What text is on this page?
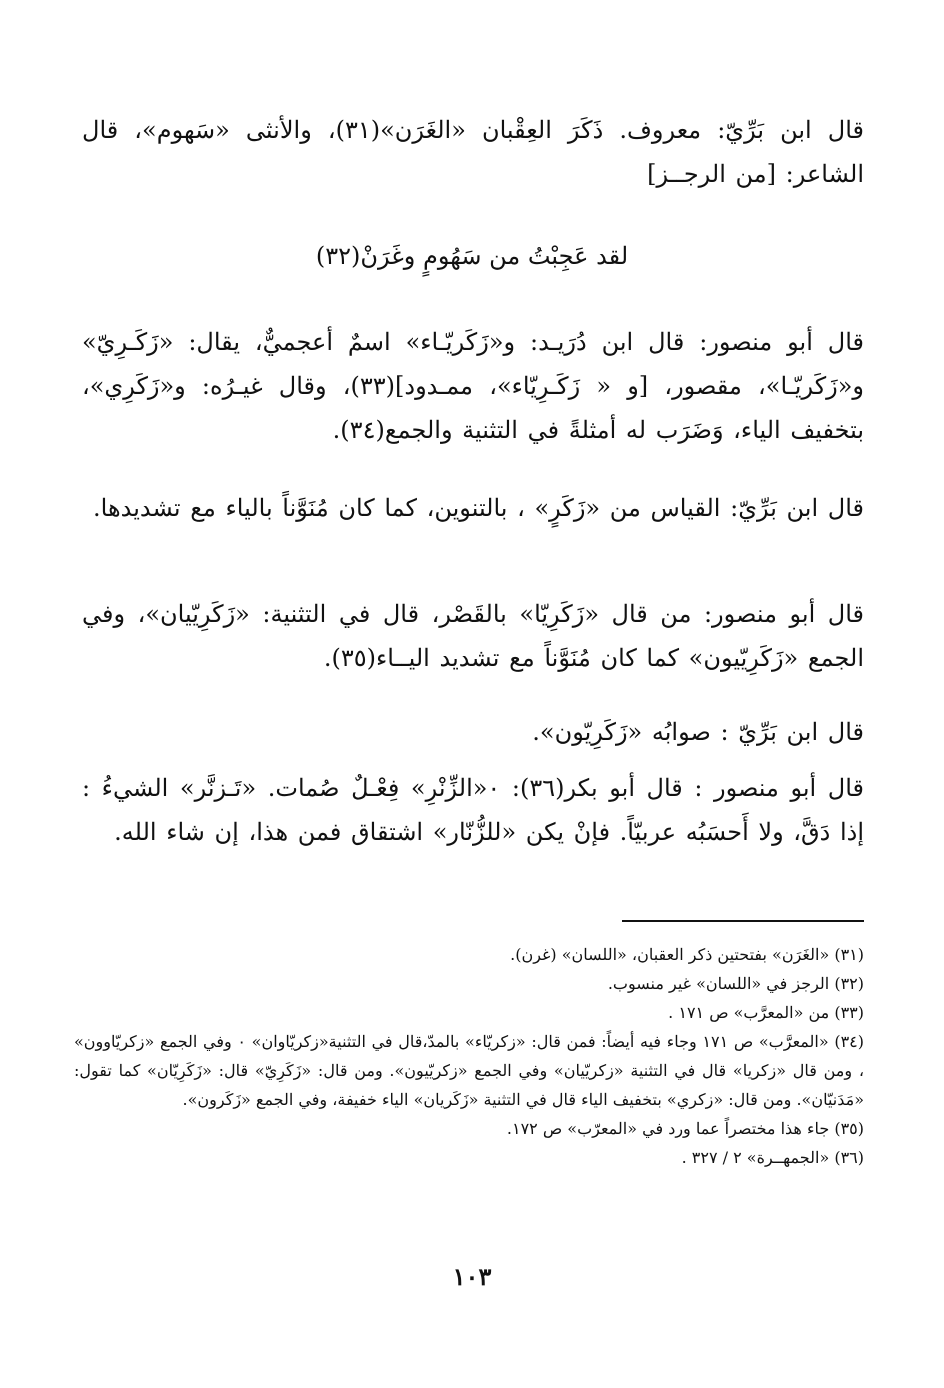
قال ابن بَرِّيّ: معروف. ذَكَرَ العِقْبان «الغَرَن»(٣١)، والأنثى «سَهوم»، قال الشاعر: [من الرجــز]
لقد عَجِبْتُ من سَهُومٍ وغَرَنْ(٣٢)
قال أبو منصور: قال ابن دُرَيـد: و«زَكَريّـاء» اسمٌ أعجميٌّ، يقال: «زَكَـرِيّ» و«زَكَريّـا»، مقصور، [و « زَكَـرِيّاء»، ممـدود](٣٣)، وقال غيـرُه: و«زَكَرِي»، بتخفيف الياء، وَضَرَب له أمثلةً في التثنية والجمع(٣٤).
قال ابن بَرِّيّ: القياس من «زَكَرٍ» ، بالتنوين، كما كان مُنَوَّناً بالياء مع تشديدها.
قال أبو منصور: من قال «زَكَرِيّا» بالقَصْر، قال في التثنية: «زَكَرِيّيان»، وفي الجمع «زَكَرِيّيون» كما كان مُنَوَّناً مع تشديد اليــاء(٣٥).
قال ابن بَرِّيّ : صوابُه «زَكَرِيّون».
قال أبو منصور : قال أبو بكر(٣٦): ٠«الزِّنْرِ» فِعْـلٌ صُمات. «تَـزنَّر» الشيءُ : إذا دَقَّ، ولا أَحسَبُه عربيّاً. فإنْ يكن «للزُّنّار» اشتقاق فمن هذا، إن شاء الله.
(٣١) «الغَرَن» بفتحتين ذكر العقبان، «اللسان» (غرن).
(٣٢) الرجز في «اللسان» غير منسوب.
(٣٣) من «المعرَّب» ص ١٧١ .
(٣٤) «المعرَّب» ص ١٧١ وجاء فيه أيضاً: فمن قال: «زكريّاء» بالمدّ،قال في التثنية«زكريّاوان» ٠ وفي الجمع «زكريّاوون» ، ومن قال «زكريا» قال في التثنية «زكريّيان» وفي الجمع «زكريّيون». ومن قال: «زَكَرِيّ» قال: «زَكَرِيّان» كما تقول: «مَدَنيّان». ومن قال: «زكري» بتخفيف الياء قال في التثنية «زَكَريان» الياء خفيفة، وفي الجمع «زَكَرون».
(٣٥) جاء هذا مختصراً عما ورد في «المعرّب» ص ١٧٢.
(٣٦) «الجمهــرة» ٢ / ٣٢٧ .
١٠٣
